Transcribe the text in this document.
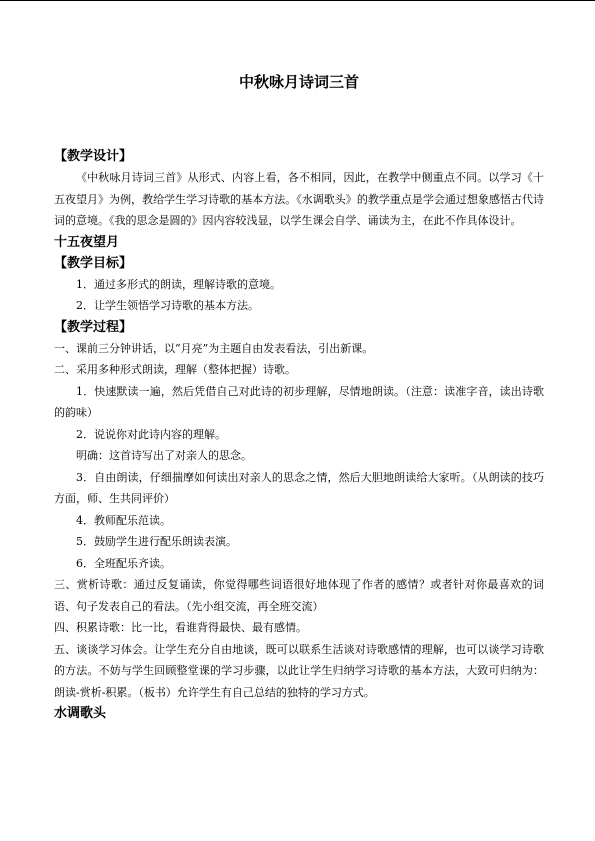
中秋咏月诗词三首
【教学设计】
《中秋咏月诗词三首》从形式、内容上看，各不相同，因此，在教学中侧重点不同。以学习《十五夜望月》为例，教给学生学习诗歌的基本方法。《水调歌头》的教学重点是学会通过想象感悟古代诗词的意境。《我的思念是圆的》因内容较浅显，以学生课会自学、诵读为主，在此不作具体设计。
十五夜望月
【教学目标】
1．通过多形式的朗读，理解诗歌的意境。
2．让学生领悟学习诗歌的基本方法。
【教学过程】
一、课前三分钟讲话，以“月亮”为主题自由发表看法，引出新课。
二、采用多种形式朗读，理解（整体把握）诗歌。
1．快速默读一遍，然后凭借自己对此诗的初步理解，尽情地朗读。（注意：读准字音，读出诗歌的韵味）
2．说说你对此诗内容的理解。
明确：这首诗写出了对亲人的思念。
3．自由朗读，仔细揣摩如何读出对亲人的思念之情，然后大胆地朗读给大家听。（从朗读的技巧方面，师、生共同评价）
4．教师配乐范读。
5．鼓励学生进行配乐朗读表演。
6．全班配乐齐读。
三、赏析诗歌：通过反复诵读，你觉得哪些词语很好地体现了作者的感情？或者针对你最喜欢的词语、句子发表自己的看法。（先小组交流，再全班交流）
四、积累诗歌：比一比，看谁背得最快、最有感情。
五、谈谈学习体会。让学生充分自由地谈，既可以联系生活谈对诗歌感情的理解，也可以谈学习诗歌的方法。不妨与学生回顾整堂课的学习步骤，以此让学生归纳学习诗歌的基本方法，大致可归纳为：朗读-赏析-积累。（板书）允许学生有自己总结的独特的学习方式。
水调歌头
